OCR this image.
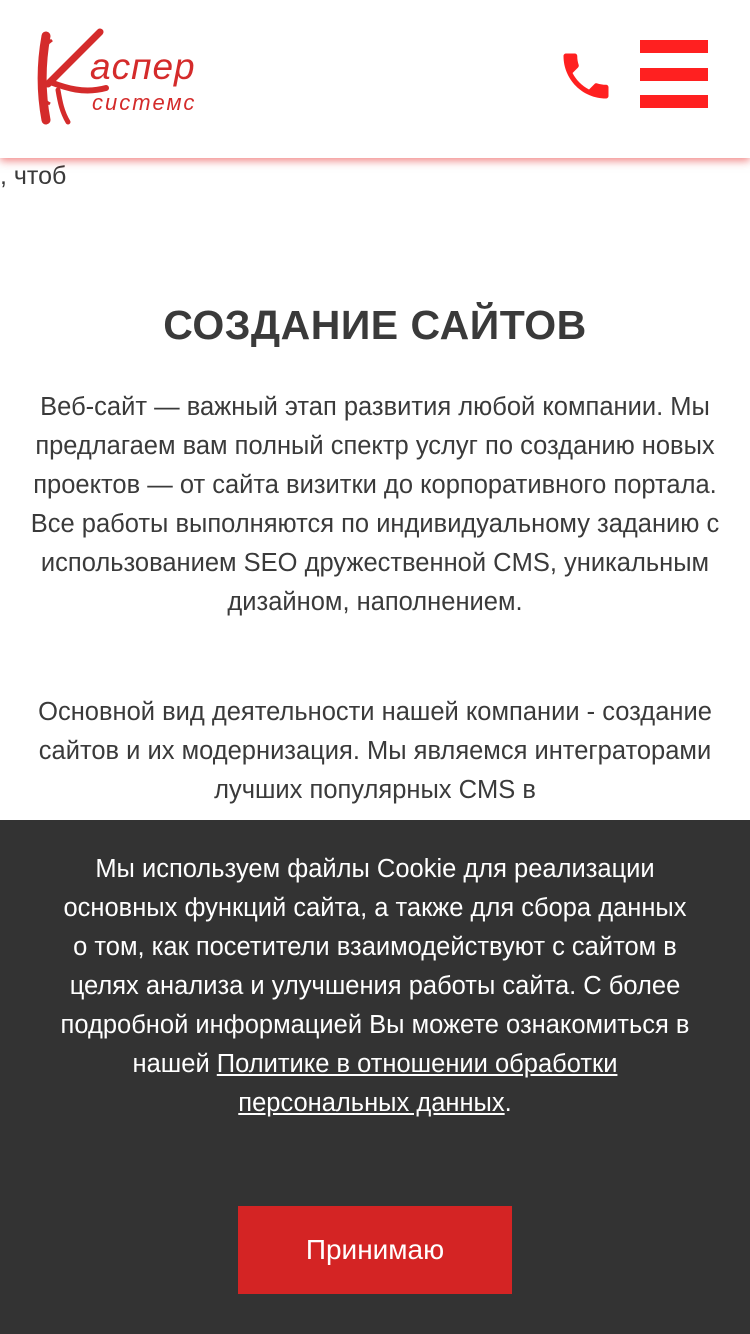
аспер
системс
, чтоб
СОЗДАНИЕ САЙТОВ

Веб-сайт — важный этап развития любой компании. Мы предлагаем вам полный спектр услуг по созданию новых проектов — от сайта визитки до корпоративного портала. Все работы выполняются по индивидуальному заданию с использованием SEO дружественной CMS, уникальным дизайном, наполнением.

Основной вид деятельности нашей компании - создание сайтов и их модернизация. Мы являемся интеграторами лучших популярных CMS в

Мы используем файлы Cookie для реализации основных функций сайта, а также для сбора данных о том, как посетители взаимодействуют с сайтом в целях анализа и улучшения работы сайта. С более подробной информацией Вы можете ознакомиться в нашей Политике в отношении обработки персональных данных.

Принимаю
